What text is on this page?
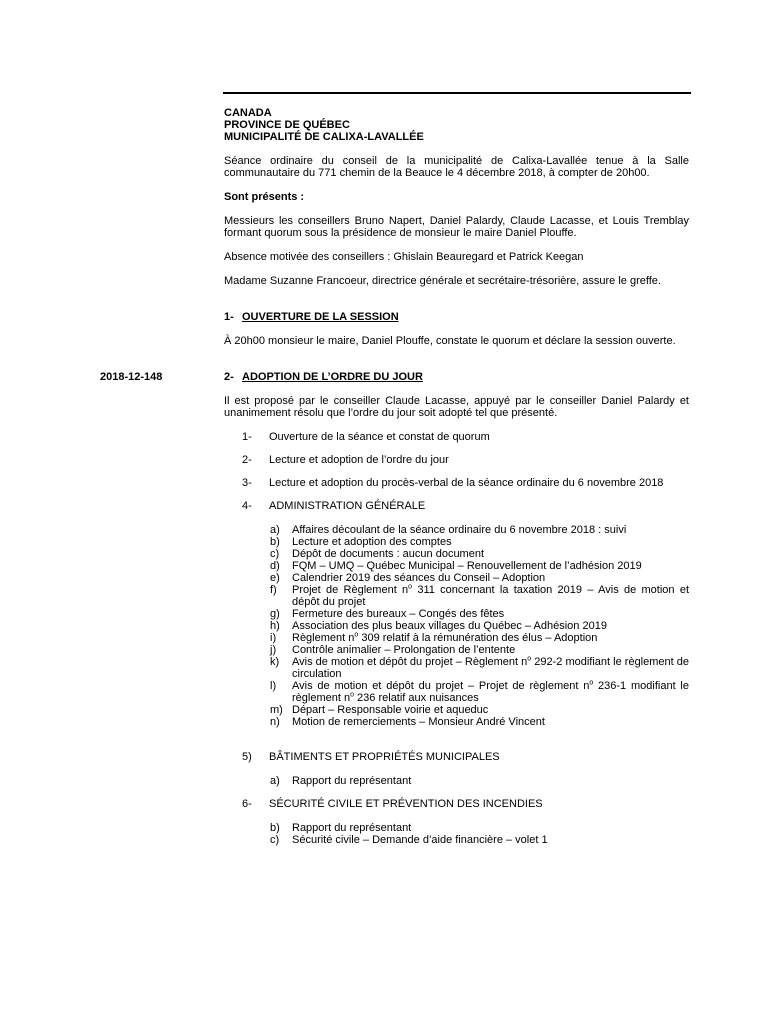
CANADA

PROVINCE DE QUÉBEC

MUNICIPALITÉ DE CALIXA-LAVALLÉE

Séance ordinaire du conseil de la municipalité de Calixa-Lavallée tenue à la Salle communautaire du 771 chemin de la Beauce le 4 décembre 2018, à compter de 20h00.

Sont présents :

Messieurs les conseillers Bruno Napert, Daniel Palardy, Claude Lacasse, et Louis Tremblay formant quorum sous la présidence de monsieur le maire Daniel Plouffe.

Absence motivée des conseillers : Ghislain Beauregard et Patrick Keegan

Madame Suzanne Francoeur, directrice générale et secrétaire-trésorière, assure le greffe.

1- OUVERTURE DE LA SESSION

À 20h00 monsieur le maire, Daniel Plouffe, constate le quorum et déclare la session ouverte.

2018-12-148	2- ADOPTION DE L’ORDRE DU JOUR

Il est proposé par le conseiller Claude Lacasse, appuyé par le conseiller Daniel Palardy et unanimement résolu que l’ordre du jour soit adopté tel que présenté.

1-	Ouverture de la séance et constat de quorum
2-	Lecture et adoption de l’ordre du jour
3-	Lecture et adoption du procès-verbal de la séance ordinaire du 6 novembre 2018
4-	ADMINISTRATION GÉNÉRALE
a)	Affaires découlant de la séance ordinaire du 6 novembre 2018 : suivi
b)	Lecture et adoption des comptes
c)	Dépôt de documents : aucun document
d)	FQM – UMQ – Québec Municipal – Renouvellement de l’adhésion 2019
e)	Calendrier 2019 des séances du Conseil – Adoption
f)	Projet de Règlement $n^o$ 311 concernant la taxation 2019 – Avis de motion et dépôt du projet
g)	Fermeture des bureaux – Congés des fêtes
h)	Association des plus beaux villages du Québec – Adhésion 2019
i)	Règlement $n^o$ 309 relatif à la rémunération des élus – Adoption
j)	Contrôle animalier – Prolongation de l’entente
k)	Avis de motion et dépôt du projet – Règlement $n^o$ 292-2 modifiant le règlement de circulation
l)	Avis de motion et dépôt du projet – Projet de règlement $n^o$ 236-1 modifiant le règlement $n^o$ 236 relatif aux nuisances
m) Départ – Responsable voirie et aqueduc
n)	Motion de remerciements – Monsieur André Vincent
5)	BÂTIMENTS ET PROPRIÉTÉS MUNICIPALES
a)	Rapport du représentant
6-	SÉCURITÉ CIVILE ET PRÉVENTION DES INCENDIES
b)	Rapport du représentant
c)	Sécurité civile – Demande d’aide financière – volet 1
